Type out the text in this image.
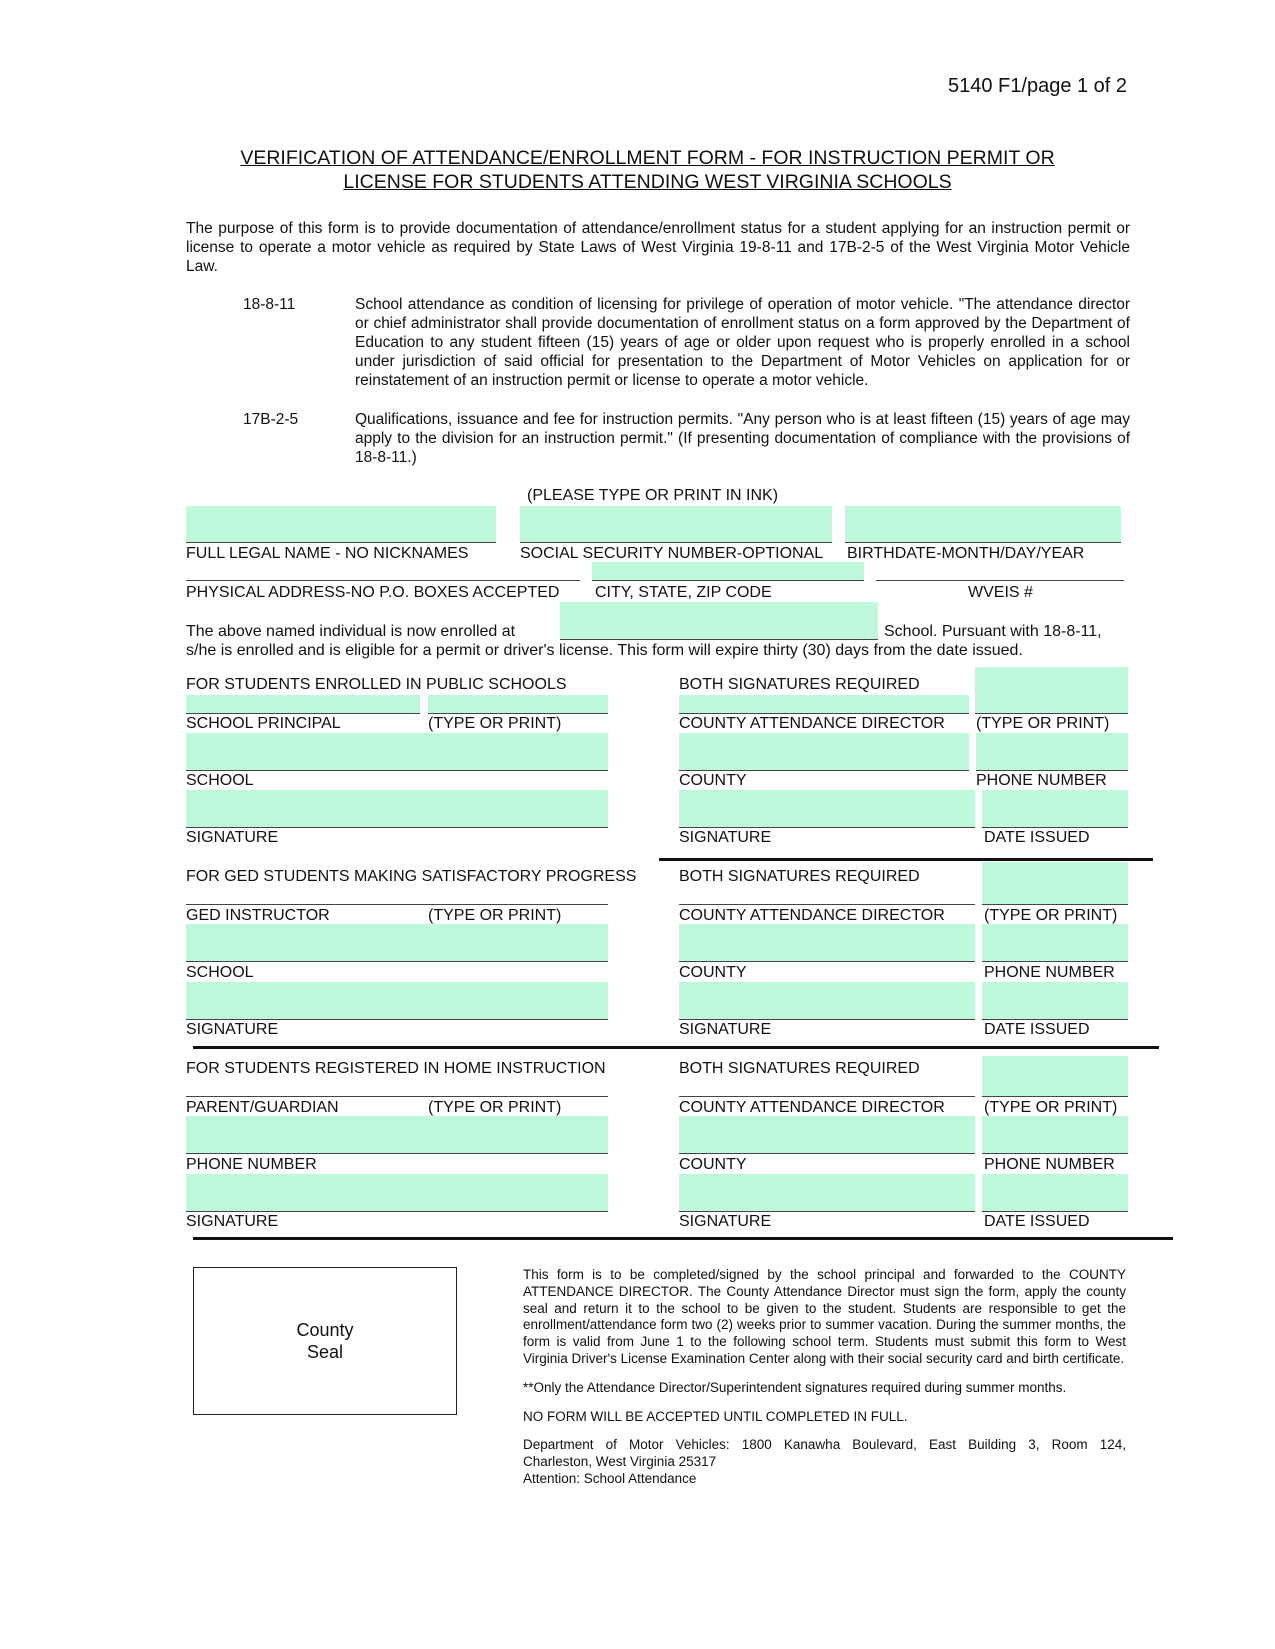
5140 F1/page 1 of 2
VERIFICATION OF ATTENDANCE/ENROLLMENT FORM - FOR INSTRUCTION PERMIT OR
LICENSE FOR STUDENTS ATTENDING WEST VIRGINIA SCHOOLS
The purpose of this form is to provide documentation of attendance/enrollment status for a student applying for an instruction permit or license to operate a motor vehicle as required by State Laws of West Virginia 19-8-11 and 17B-2-5 of the West Virginia Motor Vehicle Law.
18-8-11	School attendance as condition of licensing for privilege of operation of motor vehicle. "The attendance director or chief administrator shall provide documentation of enrollment status on a form approved by the Department of Education to any student fifteen (15) years of age or older upon request who is properly enrolled in a school under jurisdiction of said official for presentation to the Department of Motor Vehicles on application for or reinstatement of an instruction permit or license to operate a motor vehicle.
17B-2-5	Qualifications, issuance and fee for instruction permits. "Any person who is at least fifteen (15) years of age may apply to the division for an instruction permit." (If presenting documentation of compliance with the provisions of 18-8-11.)
(PLEASE TYPE OR PRINT IN INK)
FULL LEGAL NAME - NO NICKNAMES	SOCIAL SECURITY NUMBER-OPTIONAL BIRTHDATE-MONTH/DAY/YEAR
PHYSICAL ADDRESS-NO P.O. BOXES ACCEPTED CITY, STATE, ZIP CODE	WVEIS #
The above named individual is now enrolled at	School. Pursuant with 18-8-11,
s/he is enrolled and is eligible for a permit or driver's license. This form will expire thirty (30) days from the date issued.
FOR STUDENTS ENROLLED IN PUBLIC SCHOOLS	BOTH SIGNATURES REQUIRED
SCHOOL PRINCIPAL	(TYPE OR PRINT)	COUNTY ATTENDANCE DIRECTOR (TYPE OR PRINT)
SCHOOL	COUNTY	PHONE NUMBER
SIGNATURE	SIGNATURE	DATE ISSUED
FOR GED STUDENTS MAKING SATISFACTORY PROGRESS	BOTH SIGNATURES REQUIRED
GED INSTRUCTOR	(TYPE OR PRINT)	COUNTY ATTENDANCE DIRECTOR (TYPE OR PRINT)
SCHOOL	COUNTY	PHONE NUMBER
SIGNATURE	SIGNATURE	DATE ISSUED
FOR STUDENTS REGISTERED IN HOME INSTRUCTION	BOTH SIGNATURES REQUIRED
PARENT/GUARDIAN	(TYPE OR PRINT)	COUNTY ATTENDANCE DIRECTOR (TYPE OR PRINT)
PHONE NUMBER	COUNTY	PHONE NUMBER
SIGNATURE	SIGNATURE	DATE ISSUED
County
Seal

This form is to be completed/signed by the school principal and forwarded to the COUNTY ATTENDANCE DIRECTOR. The County Attendance Director must sign the form, apply the county seal and return it to the school to be given to the student. Students are responsible to get the enrollment/attendance form two (2) weeks prior to summer vacation. During the summer months, the form is valid from June 1 to the following school term. Students must submit this form to West Virginia Driver's License Examination Center along with their social security card and birth certificate.

**Only the Attendance Director/Superintendent signatures required during summer months.

NO FORM WILL BE ACCEPTED UNTIL COMPLETED IN FULL.

Department of Motor Vehicles: 1800 Kanawha Boulevard, East Building 3, Room 124,
Charleston, West Virginia 25317
Attention: School Attendance
